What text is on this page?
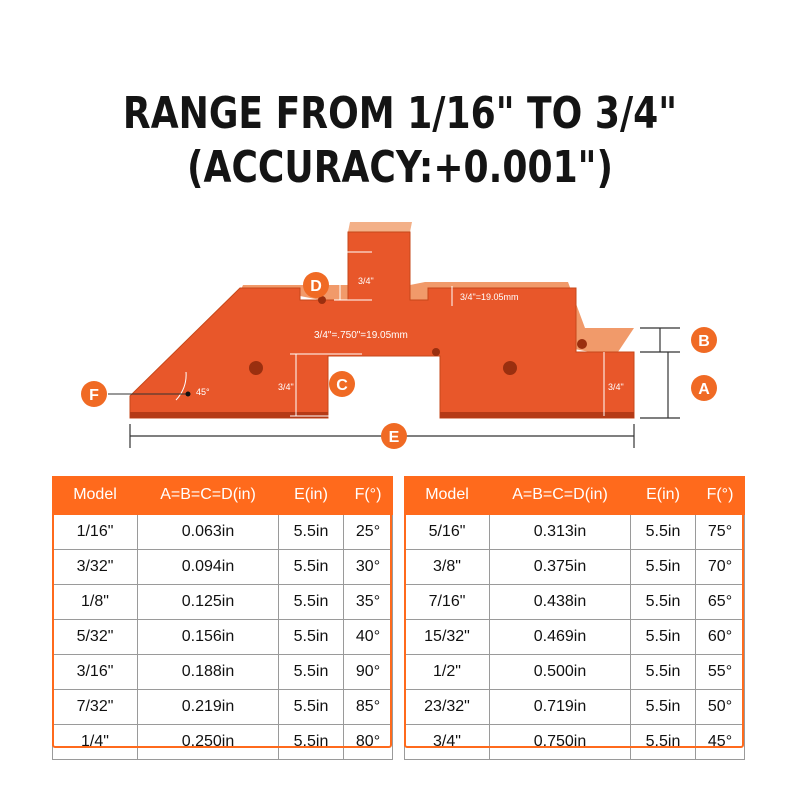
RANGE FROM 1/16" TO 3/4"
(ACCURACY:+0.001")
3/4"=.750"=19.05mm
3/4"=19.05mm
3/4"
3/4"	3/4"
45°
D
C
B
A
F
E
Model	A=B=C=D(in)	E(in)	F(°)
1/16"	0.063in	5.5in	25°
3/32"	0.094in	5.5in	30°
1/8"	0.125in	5.5in	35°
5/32"	0.156in	5.5in	40°
3/16"	0.188in	5.5in	90°
7/32"	0.219in	5.5in	85°
1/4"	0.250in	5.5in	80°
Model	A=B=C=D(in)	E(in)	F(°)
5/16"	0.313in	5.5in	75°
3/8"	0.375in	5.5in	70°
7/16"	0.438in	5.5in	65°
15/32"	0.469in	5.5in	60°
1/2"	0.500in	5.5in	55°
23/32"	0.719in	5.5in	50°
3/4"	0.750in	5.5in	45°
